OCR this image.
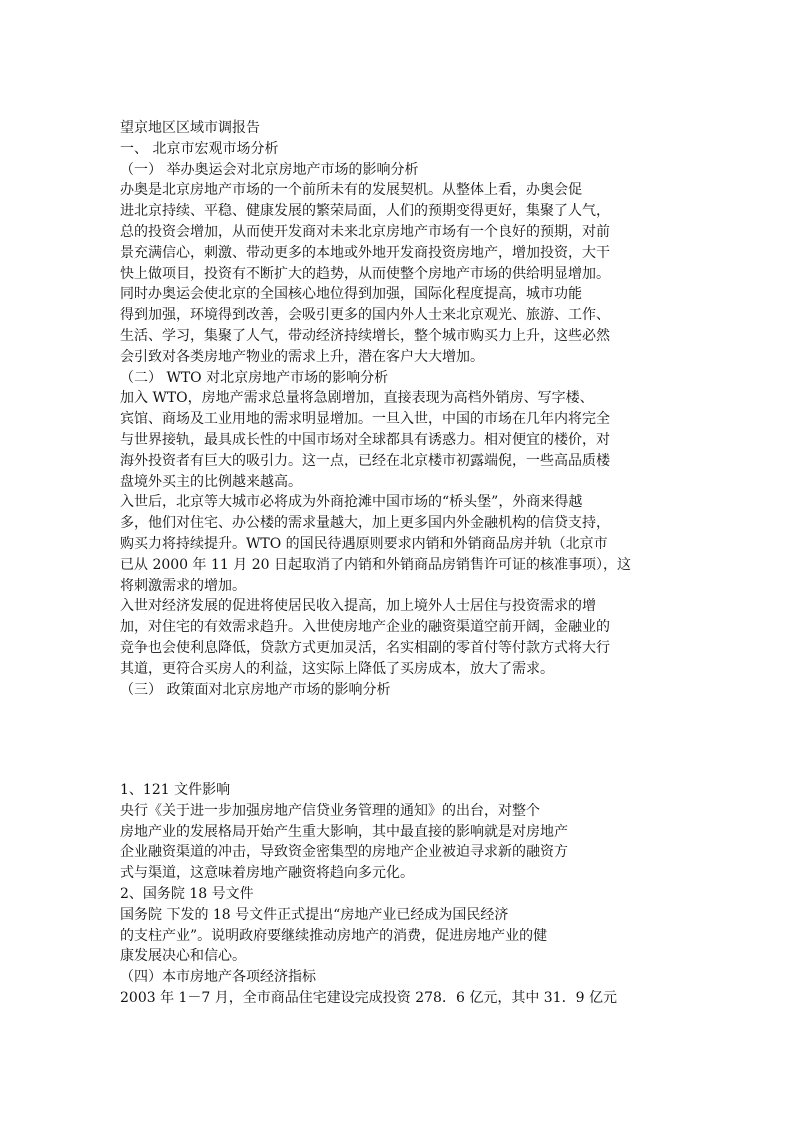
望京地区区域市调报告
一、 北京市宏观市场分析
（一） 举办奥运会对北京房地产市场的影响分析
办奥是北京房地产市场的一个前所未有的发展契机。从整体上看，办奥会促
进北京持续、平稳、健康发展的繁荣局面，人们的预期变得更好，集聚了人气，
总的投资会增加，从而使开发商对未来北京房地产市场有一个良好的预期，对前
景充满信心，刺激、带动更多的本地或外地开发商投资房地产，增加投资，大干
快上做项目，投资有不断扩大的趋势，从而使整个房地产市场的供给明显增加。
同时办奥运会使北京的全国核心地位得到加强，国际化程度提高，城市功能
得到加强，环境得到改善，会吸引更多的国内外人士来北京观光、旅游、工作、
生活、学习，集聚了人气，带动经济持续增长，整个城市购买力上升，这些必然
会引致对各类房地产物业的需求上升，潜在客户大大增加。
（二） WTO 对北京房地产市场的影响分析
加入 WTO，房地产需求总量将急剧增加，直接表现为高档外销房、写字楼、
宾馆、商场及工业用地的需求明显增加。一旦入世，中国的市场在几年内将完全
与世界接轨，最具成长性的中国市场对全球都具有诱惑力。相对便宜的楼价，对
海外投资者有巨大的吸引力。这一点，已经在北京楼市初露端倪，一些高品质楼
盘境外买主的比例越来越高。
入世后，北京等大城市必将成为外商抢滩中国市场的“桥头堡”，外商来得越
多，他们对住宅、办公楼的需求量越大，加上更多国内外金融机构的信贷支持，
购买力将持续提升。WTO 的国民待遇原则要求内销和外销商品房并轨（北京市
已从 2000 年 11 月 20 日起取消了内销和外销商品房销售许可证的核准事项），这
将刺激需求的增加。
入世对经济发展的促进将使居民收入提高，加上境外人士居住与投资需求的增
加，对住宅的有效需求趋升。入世使房地产企业的融资渠道空前开阔，金融业的
竞争也会使利息降低，贷款方式更加灵活，名实相副的零首付等付款方式将大行
其道，更符合买房人的利益，这实际上降低了买房成本，放大了需求。
（三） 政策面对北京房地产市场的影响分析
1、121 文件影响
央行《关于进一步加强房地产信贷业务管理的通知》的出台，对整个
房地产业的发展格局开始产生重大影响，其中最直接的影响就是对房地产
企业融资渠道的冲击，导致资金密集型的房地产企业被迫寻求新的融资方
式与渠道，这意味着房地产融资将趋向多元化。
2、国务院 18 号文件
国务院 下发的 18 号文件正式提出“房地产业已经成为国民经济
的支柱产业”。说明政府要继续推动房地产的消费，促进房地产业的健
康发展决心和信心。
（四）本市房地产各项经济指标
2003 年 1－7 月，全市商品住宅建设完成投资 278．6 亿元，其中 31．9 亿元
